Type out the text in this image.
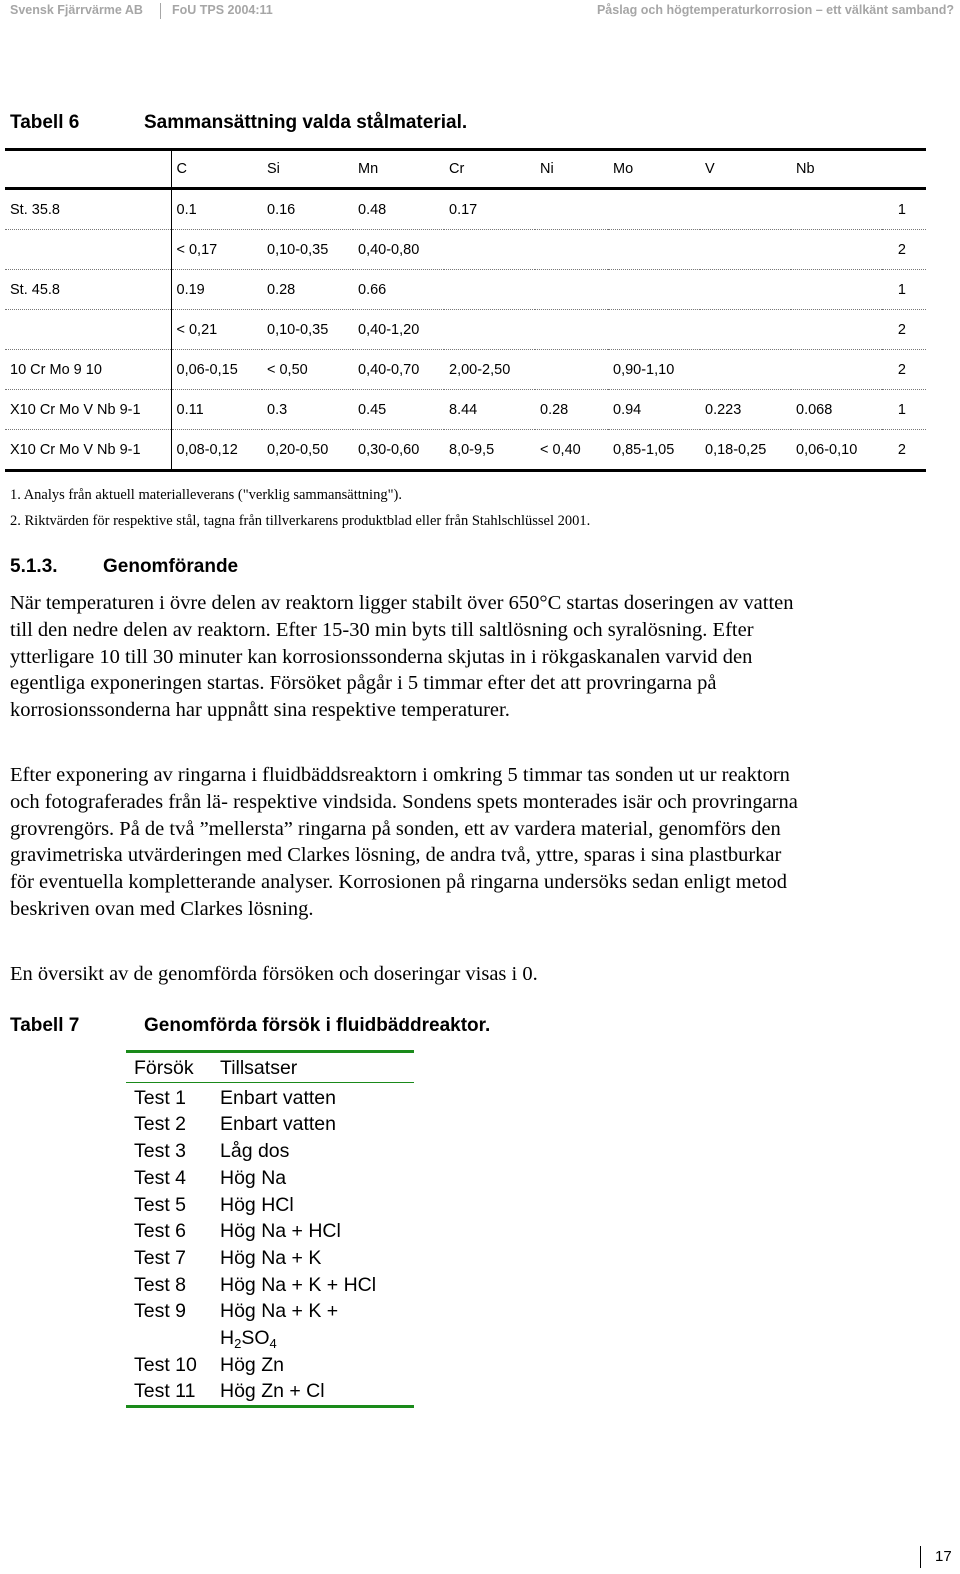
Svensk Fjärrvärme AB FoU TPS 2004:11	Påslag och högtemperaturkorrosion – ett välkänt samband?
Tabell 6	Sammansättning valda stålmaterial.
	C	Si	Mn	Cr	Ni	Mo	V	Nb	
St. 35.8	0.1	0.16	0.48	0.17					1
	< 0,17	0,10-0,35	0,40-0,80						2
St. 45.8	0.19	0.28	0.66						1
	< 0,21	0,10-0,35	0,40-1,20						2
10 Cr Mo 9 10	0,06-0,15	< 0,50	0,40-0,70	2,00-2,50		0,90-1,10			2
X10 Cr Mo V Nb 9-1	0.11	0.3	0.45	8.44	0.28	0.94	0.223	0.068	1
X10 Cr Mo V Nb 9-1	0,08-0,12	0,20-0,50	0,30-0,60	8,0-9,5	< 0,40	0,85-1,05	0,18-0,25	0,06-0,10	2
1. Analys från aktuell materialleverans ("verklig sammansättning").
2. Riktvärden för respektive stål, tagna från tillverkarens produktblad eller från Stahlschlüssel 2001.
5.1.3. Genomförande
När temperaturen i övre delen av reaktorn ligger stabilt över 650°C startas doseringen av vatten till den nedre delen av reaktorn. Efter 15-30 min byts till saltlösning och syralösning. Efter ytterligare 10 till 30 minuter kan korrosionssonderna skjutas in i rökgaskanalen varvid den egentliga exponeringen startas. Försöket pågår i 5 timmar efter det att provringarna på korrosionssonderna har uppnått sina respektive temperaturer.
Efter exponering av ringarna i fluidbäddsreaktorn i omkring 5 timmar tas sonden ut ur reaktorn och fotograferades från lä- respektive vindsida. Sondens spets monterades isär och provringarna grovrengörs. På de två ”mellersta” ringarna på sonden, ett av vardera material, genomförs den gravimetriska utvärderingen med Clarkes lösning, de andra två, yttre, sparas i sina plastburkar för eventuella kompletterande analyser. Korrosionen på ringarna undersöks sedan enligt metod beskriven ovan med Clarkes lösning.
En översikt av de genomförda försöken och doseringar visas i 0.
Tabell 7	Genomförda försök i fluidbäddreaktor.
Försök	Tillsatser
Test 1	Enbart vatten
Test 2	Enbart vatten
Test 3	Låg dos
Test 4	Hög Na
Test 5	Hög HCl
Test 6	Hög Na + HCl
Test 7	Hög Na + K
Test 8	Hög Na + K + HCl
Test 9	Hög Na + K +
$H_2SO_4$
Test 10	Hög Zn
Test 11	Hög Zn + Cl
17
